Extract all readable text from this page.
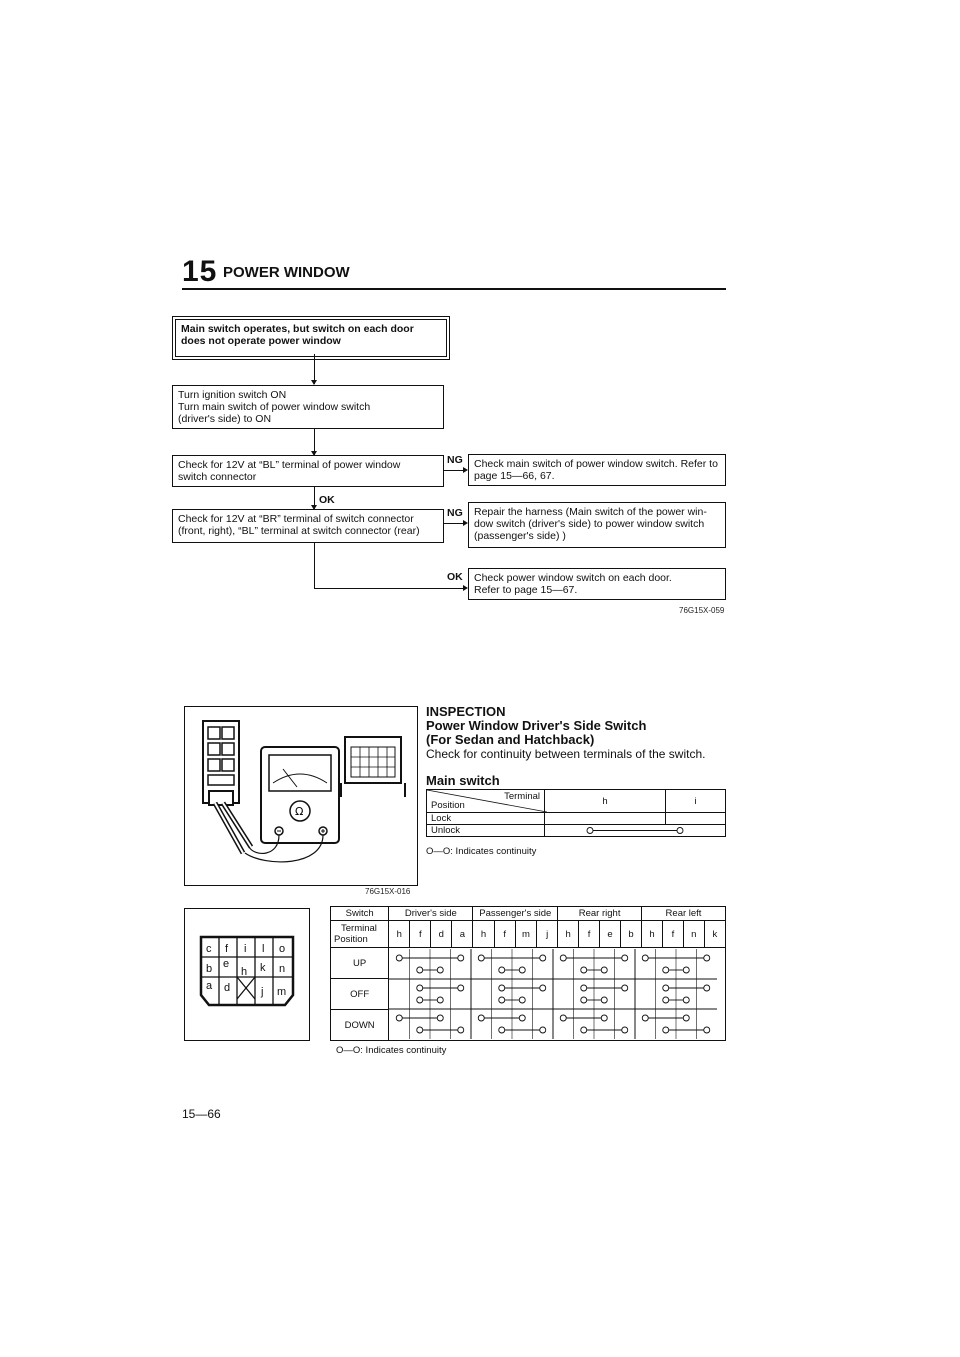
15 POWER WINDOW
Main switch operates, but switch on each door does not operate power window
Turn ignition switch ON
Turn main switch of power window switch
(driver's side) to ON
Check for 12V at “BL” terminal of power window
switch connector
NG Check main switch of power window switch. Refer to
page 15—66, 67.
OK
Check for 12V at “BR” terminal of switch connector
(front, right), “BL” terminal at switch connector (rear)
NG Repair the harness (Main switch of the power win-
dow switch (driver's side) to power window switch
(passenger's side) )
OK Check power window switch on each door.
Refer to page 15—67.
76G15X-059
Ω
76G15X-016
INSPECTION
Power Window Driver's Side Switch
(For Sedan and Hatchback)
Check for continuity between terminals of the switch.
Main switch
Terminal
Position	h	i
Lock		
Unlock	
O—O: Indicates continuity
c f i l o
b e
h k n
a d	j m
Switch	Driver's side				Passenger's side				Rear right				Rear left			

Terminal
Position	h	f	d	a	h	f	m	j	h	f	e	b	h	f	n	k
UP	

OFF																
DOWN																
O—O: Indicates continuity
15—66
